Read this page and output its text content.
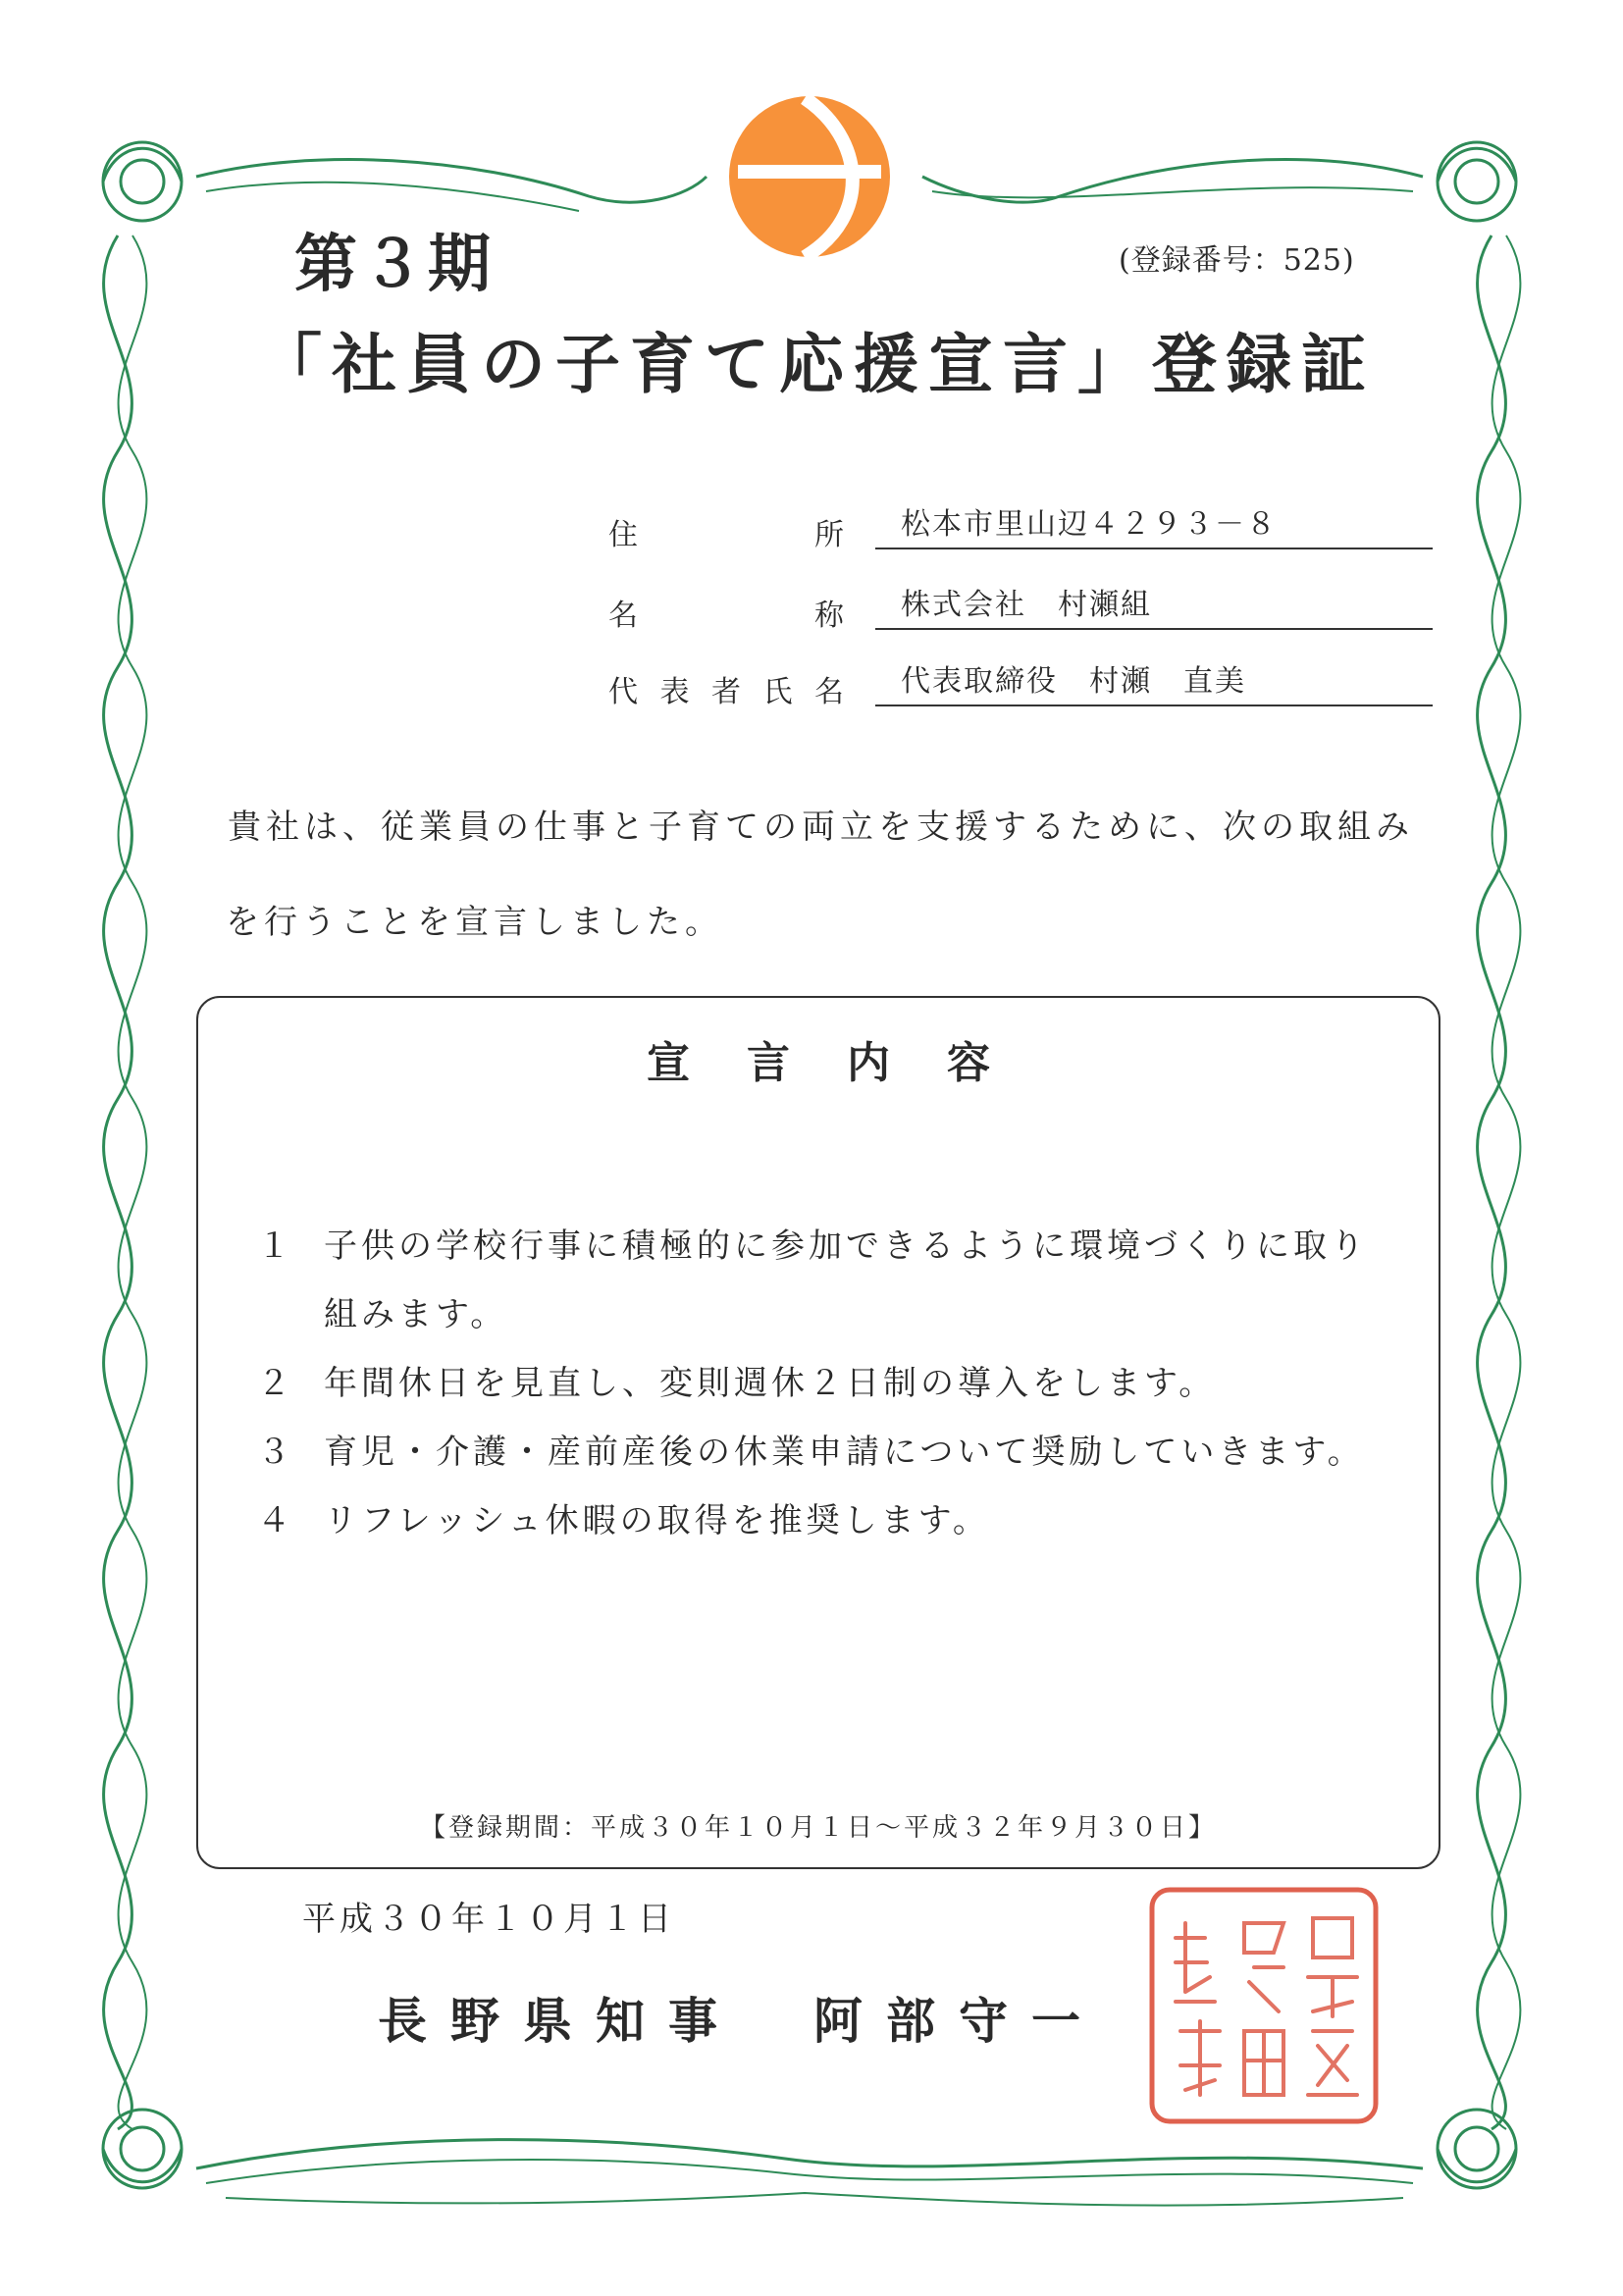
第３期	(登録番号：525)
「社員の子育て応援宣言」登録証
住	所	松本市里山辺４２９３－８
名	称	株式会社　村瀬組
代 表 者 氏 名	代表取締役　村瀬　直美
貴社は、従業員の仕事と子育ての両立を支援するために、次の取組み
を行うことを宣言しました。
宣言内容
１ 子供の学校行事に積極的に参加できるように環境づくりに取り
組みます。
２ 年間休日を見直し、変則週休２日制の導入をします。
３ 育児・介護・産前産後の休業申請について奨励していきます。
４ リフレッシュ休暇の取得を推奨します。
【登録期間：平成３０年１０月１日～平成３２年９月３０日】
平成３０年１０月１日
長野県知事　阿部守一
